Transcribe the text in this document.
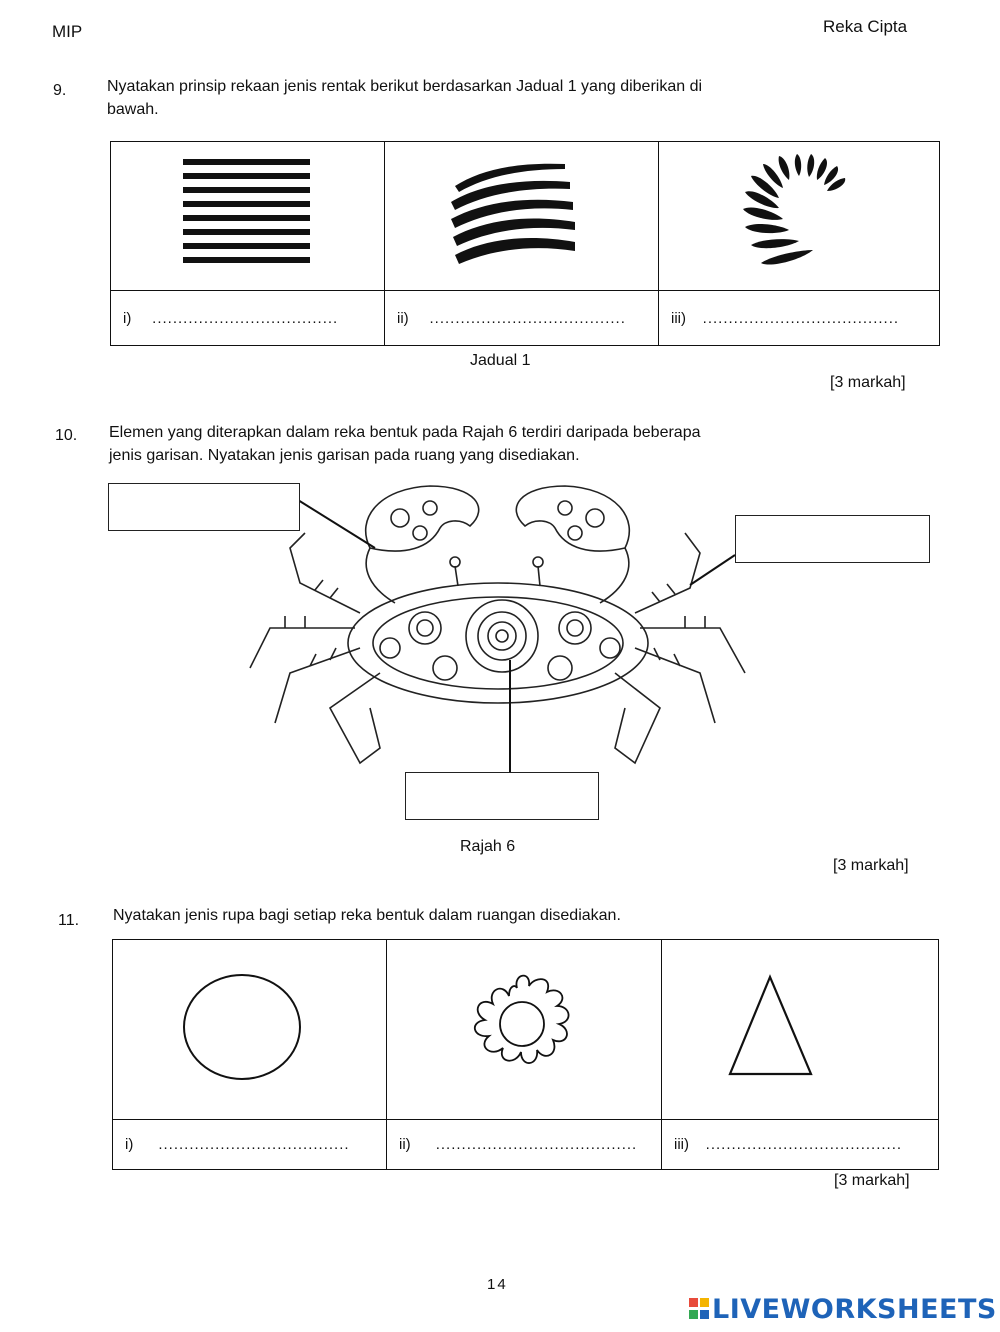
MIP	Reka Cipta
9.	Nyatakan prinsip rekaan jenis rentak berikut berdasarkan Jadual 1 yang diberikan di
bawah.

i) ....................................	ii) ......................................	iii) ......................................
Jadual 1
[3 markah]
10. Elemen yang diterapkan dalam reka bentuk pada Rajah 6 terdiri daripada beberapa
jenis garisan. Nyatakan jenis garisan pada ruang yang disediakan.
Rajah 6
[3 markah]
11. Nyatakan jenis rupa bagi setiap reka bentuk dalam ruangan disediakan.

i) .....................................	ii) .......................................	iii) ......................................
[3 markah]
14
LIVEWORKSHEETS
